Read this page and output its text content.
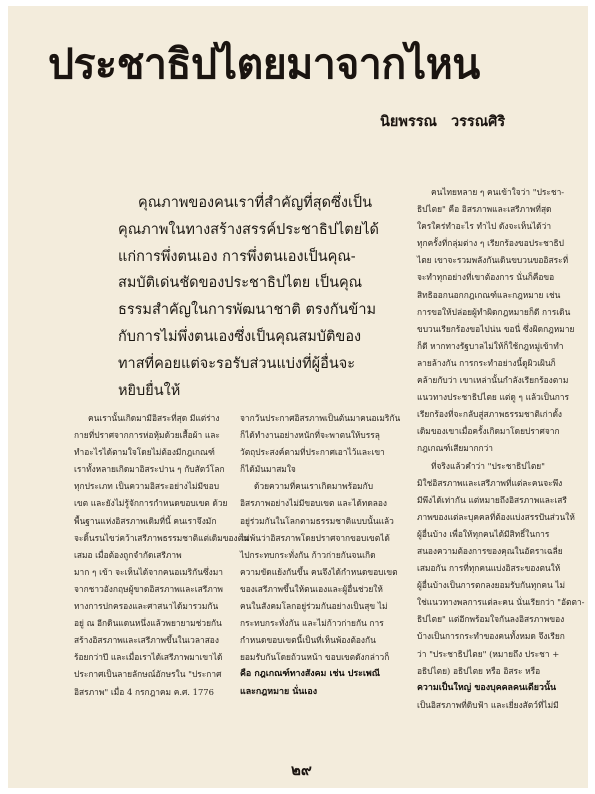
ประชาธิปไตยมาจากไหน
นิยพรรณ วรรณศิริ
คุณภาพของคนเราที่สำคัญที่สุดซึ่งเป็น
คุณภาพในทางสร้างสรรค์ประชาธิปไตยได้
แก่การพึ่งตนเอง การพึ่งตนเองเป็นคุณ-
สมบัติเด่นชัดของประชาธิปไตย เป็นคุณ
ธรรมสำคัญในการพัฒนาชาติ ตรงกันข้าม
กับการไม่พึ่งตนเองซึ่งเป็นคุณสมบัติของ
ทาสที่คอยแต่จะรอรับส่วนแบ่งที่ผู้อื่นจะ
หยิบยื่นให้
คนเรานั้นเกิดมามีอิสระที่สุด มีแต่ร่าง
กายที่ปราศจากการห่อหุ้มด้วยเสื้อผ้า และ
ทำอะไรได้ตามใจโดยไม่ต้องมีกฎเกณฑ์
เราทั้งหลายเกิดมาอิสระปาน ๆ กับสัตว์โลก
ทุกประเภท เป็นความอิสระอย่างไม่มีขอบ
เขต และยังไม่รู้จักการกำหนดขอบเขต ด้วย
พื้นฐานแห่งอิสรภาพเดิมที่นี้ คนเราจึงมัก
จะดิ้นรนไขว่คว้าเสรีภาพธรรมชาติแต่เดิมของตน
เสมอ เมื่อต้องถูกจำกัดเสรีภาพ
มาก ๆ เข้า จะเห็นได้จากคนอเมริกันซึ่งมา
จากชาวอังกฤษผู้ขาดอิสรภาพและเสรีภาพ
ทางการปกครองและศาสนาได้มารวมกัน
อยู่ ณ อีกดินแดนหนึ่งแล้วพยายามช่วยกัน
สร้างอิสรภาพและเสรีภาพขึ้นในเวลาสอง
ร้อยกว่าปี และเมื่อเราได้เสรีภาพมาเขาได้
ประกาศเป็นลายลักษณ์อักษรใน "ประกาศ
อิสรภาพ" เมื่อ 4 กรกฎาคม ค.ศ. 1776
จากวันประกาศอิสรภาพเป็นต้นมาคนอเมริกัน
ก็ได้ทำงานอย่างหนักที่จะพาตนให้บรรลุ
วัตถุประสงค์ตามที่ประกาศเอาไว้และเขา
ก็ได้มันมาสมใจ
ด้วยความที่คนเราเกิดมาพร้อมกับ
อิสรภาพอย่างไม่มีขอบเขต และได้ทดลอง
อยู่ร่วมกันในโลกตามธรรมชาติแบบนั้นแล้ว
ไม่พ้นว่าอิสรภาพโดยปราศจากขอบเขตได้
ไปกระทบกระทั่งกัน ก้าวก่ายกันจนเกิด
ความขัดแย้งกันขึ้น คนจึงได้กำหนดขอบเขต
ของเสรีภาพขึ้นให้ตนเองและผู้อื่นช่วยให้
คนในสังคมโลกอยู่ร่วมกันอย่างเป็นสุข ไม่
กระทบกระทั่งกัน และไม่ก้าวก่ายกัน การ
กำหนดขอบเขตนี้เป็นที่เห็นพ้องต้องกัน
ยอมรับกันโดยถ้วนหน้า ขอบเขตดังกล่าวก็
คือ กฎเกณฑ์ทางสังคม เช่น ประเพณี
และกฎหมาย นั่นเอง
คนไทยหลาย ๆ คนเข้าใจว่า "ประชา-
ธิปไตย" คือ อิสรภาพและเสรีภาพที่สุด
ใครใคร่ทำอะไร ทำไป ดังจะเห็นได้ว่า
ทุกครั้งที่กลุ่มต่าง ๆ เรียกร้องขอประชาธิป
ไตย เขาจะรวมพลังกันเดินขบวนขออิสระที่
จะทำทุกอย่างที่เขาต้องการ นั่นก็คือขอ
สิทธิออกนอกกฎเกณฑ์และกฎหมาย เช่น
การขอให้ปล่อยผู้ทำผิดกฎหมายก็ดี การเดิน
ขบวนเรียกร้องขอไปน่น ขอนี่ ซึ่งผิดกฎหมาย
ก็ดี หากทางรัฐบาลไม่ให้ก็ใช้กฎหมู่เข้าทำ
ลายล้างกัน การกระทำอย่างนี้ดูผิวเผินก็
คล้ายกับว่า เขาเหล่านั้นกำลังเรียกร้องตาม
แนวทางประชาธิปไตย แต่ดู ๆ แล้วเป็นการ
เรียกร้องที่จะกลับสู่สภาพธรรมชาติเก่าดั้ง
เดิมของเขาเมื่อครั้งเกิดมาโดยปราศจาก
กฎเกณฑ์เสียมากกว่า
ที่จริงแล้วคำว่า "ประชาธิปไตย"
มิใช่อิสรภาพและเสรีภาพที่แต่ละคนจะพึง
มีพึงได้เท่ากัน แต่หมายถึงอิสรภาพและเสรี
ภาพของแต่ละบุคคลที่ต้องแบ่งสรรปันส่วนให้
ผู้อื่นบ้าง เพื่อให้ทุกคนได้มีสิทธิ์ในการ
สนองความต้องการของคุณในอัตราเฉลี่ย
เสมอกัน การที่ทุกคนแบ่งอิสระของตนให้
ผู้อื่นบ้างเป็นการตกลงยอมรับกันทุกคน ไม่
ใช่แนวทางพลการแต่ละคน นั่นเรียกว่า "อัตตา-
ธิปไตย" แต่อีกพร้อมใจกันลงอิสรภาพของ
บ้างเป็นการกระทำของคนทั้งหมด จึงเรียก
ว่า "ประชาธิปไตย" (หมายถึง ประชา +
อธิปไตย) อธิปไตย หรือ อิสระ หรือ
ความเป็นใหญ่ ของบุคคลคนเดียวนั้น
เป็นอิสรภาพที่ดิบฟ้า และเยี่ยงสัตว์ที่ไม่มี
๒๙
